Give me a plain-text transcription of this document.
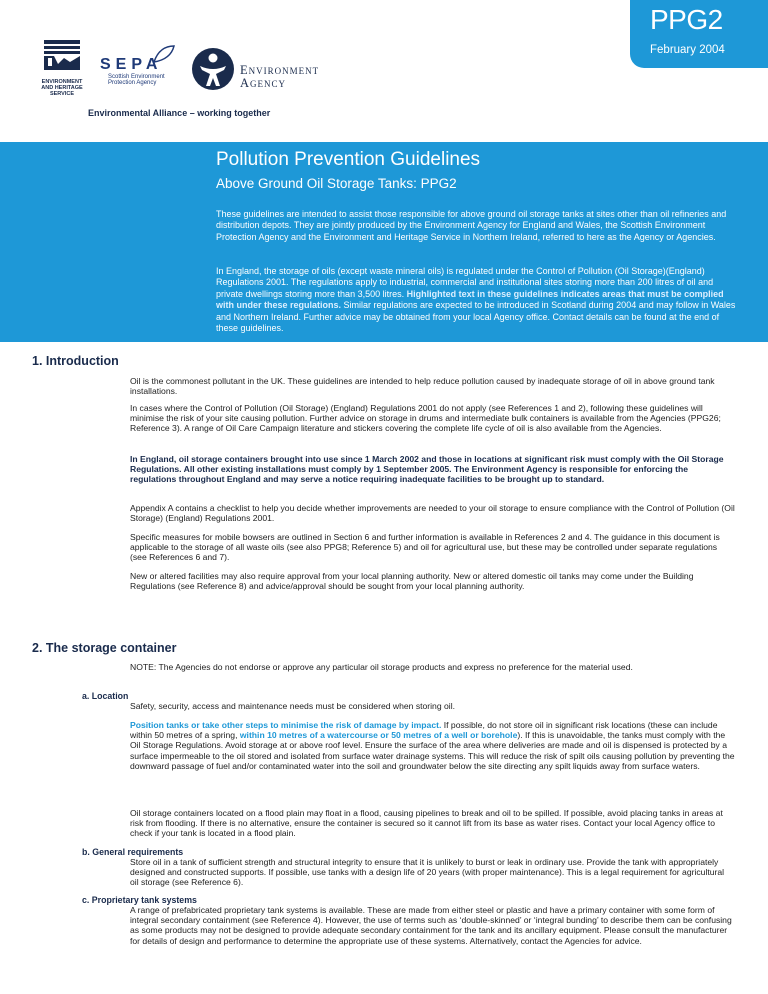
PPG2
February 2004
ENVIRONMENT
AND HERITAGE
SERVICE
SEPA
Scottish Environment
Protection Agency
Environment
Agency
Environmental Alliance – working together
Pollution Prevention Guidelines
Above Ground Oil Storage Tanks: PPG2

These guidelines are intended to assist those responsible for above ground oil storage tanks at sites other than oil refineries and distribution depots. They are jointly produced by the Environment Agency for England and Wales, the Scottish Environment Protection Agency and the Environment and Heritage Service in Northern Ireland, referred to here as the Agency or Agencies.

In England, the storage of oils (except waste mineral oils) is regulated under the Control of Pollution (Oil Storage)(England) Regulations 2001. The regulations apply to industrial, commercial and institutional sites storing more than 200 litres of oil and private dwellings storing more than 3,500 litres. Highlighted text in these guidelines indicates areas that must be complied with under these regulations. Similar regulations are expected to be introduced in Scotland during 2004 and may follow in Wales and Northern Ireland. Further advice may be obtained from your local Agency office. Contact details can be found at the end of these guidelines.

1. Introduction

Oil is the commonest pollutant in the UK. These guidelines are intended to help reduce pollution caused by inadequate storage of oil in above ground tank installations.

In cases where the Control of Pollution (Oil Storage) (England) Regulations 2001 do not apply (see References 1 and 2), following these guidelines will minimise the risk of your site causing pollution. Further advice on storage in drums and intermediate bulk containers is available from the Agencies (PPG26; Reference 3). A range of Oil Care Campaign literature and stickers covering the complete life cycle of oil is also available from the Agencies.

In England, oil storage containers brought into use since 1 March 2002 and those in locations at significant risk must comply with the Oil Storage Regulations. All other existing installations must comply by 1 September 2005. The Environment Agency is responsible for enforcing the regulations throughout England and may serve a notice requiring inadequate facilities to be brought up to standard.

Appendix A contains a checklist to help you decide whether improvements are needed to your oil storage to ensure compliance with the Control of Pollution (Oil Storage) (England) Regulations 2001.

Specific measures for mobile bowsers are outlined in Section 6 and further information is available in References 2 and 4. The guidance in this document is applicable to the storage of all waste oils (see also PPG8; Reference 5) and oil for agricultural use, but these may be controlled under separate regulations (see References 6 and 7).

New or altered facilities may also require approval from your local planning authority. New or altered domestic oil tanks may come under the Building Regulations (see Reference 8) and advice/approval should be sought from your local planning authority.

2. The storage container

NOTE: The Agencies do not endorse or approve any particular oil storage products and express no preference for the material used.

a. Location

Safety, security, access and maintenance needs must be considered when storing oil.

Position tanks or take other steps to minimise the risk of damage by impact. If possible, do not store oil in significant risk locations (these can include within 50 metres of a spring, within 10 metres of a watercourse or 50 metres of a well or borehole). If this is unavoidable, the tanks must comply with the Oil Storage Regulations. Avoid storage at or above roof level. Ensure the surface of the area where deliveries are made and oil is dispensed is protected by a surface impermeable to the oil stored and isolated from surface water drainage systems. This will reduce the risk of spilt oils causing pollution by preventing the downward passage of fuel and/or contaminated water into the soil and groundwater below the site directing any spilt liquids away from surface waters.

Oil storage containers located on a flood plain may float in a flood, causing pipelines to break and oil to be spilled. If possible, avoid placing tanks in areas at risk from flooding. If there is no alternative, ensure the container is secured so it cannot lift from its base as water rises. Contact your local Agency office to check if your tank is located in a flood plain.

b. General requirements

Store oil in a tank of sufficient strength and structural integrity to ensure that it is unlikely to burst or leak in ordinary use. Provide the tank with appropriately designed and constructed supports. If possible, use tanks with a design life of 20 years (with proper maintenance). This is a legal requirement for agricultural oil storage (see Reference 6).

c. Proprietary tank systems

A range of prefabricated proprietary tank systems is available. These are made from either steel or plastic and have a primary container with some form of integral secondary containment (see Reference 4). However, the use of terms such as ‘double-skinned’ or ‘integral bunding’ to describe them can be confusing as some products may not be designed to provide adequate secondary containment for the tank and its ancillary equipment. Please consult the manufacturer for details of design and performance to determine the appropriate use of these systems. Alternatively, contact the Agencies for advice.
